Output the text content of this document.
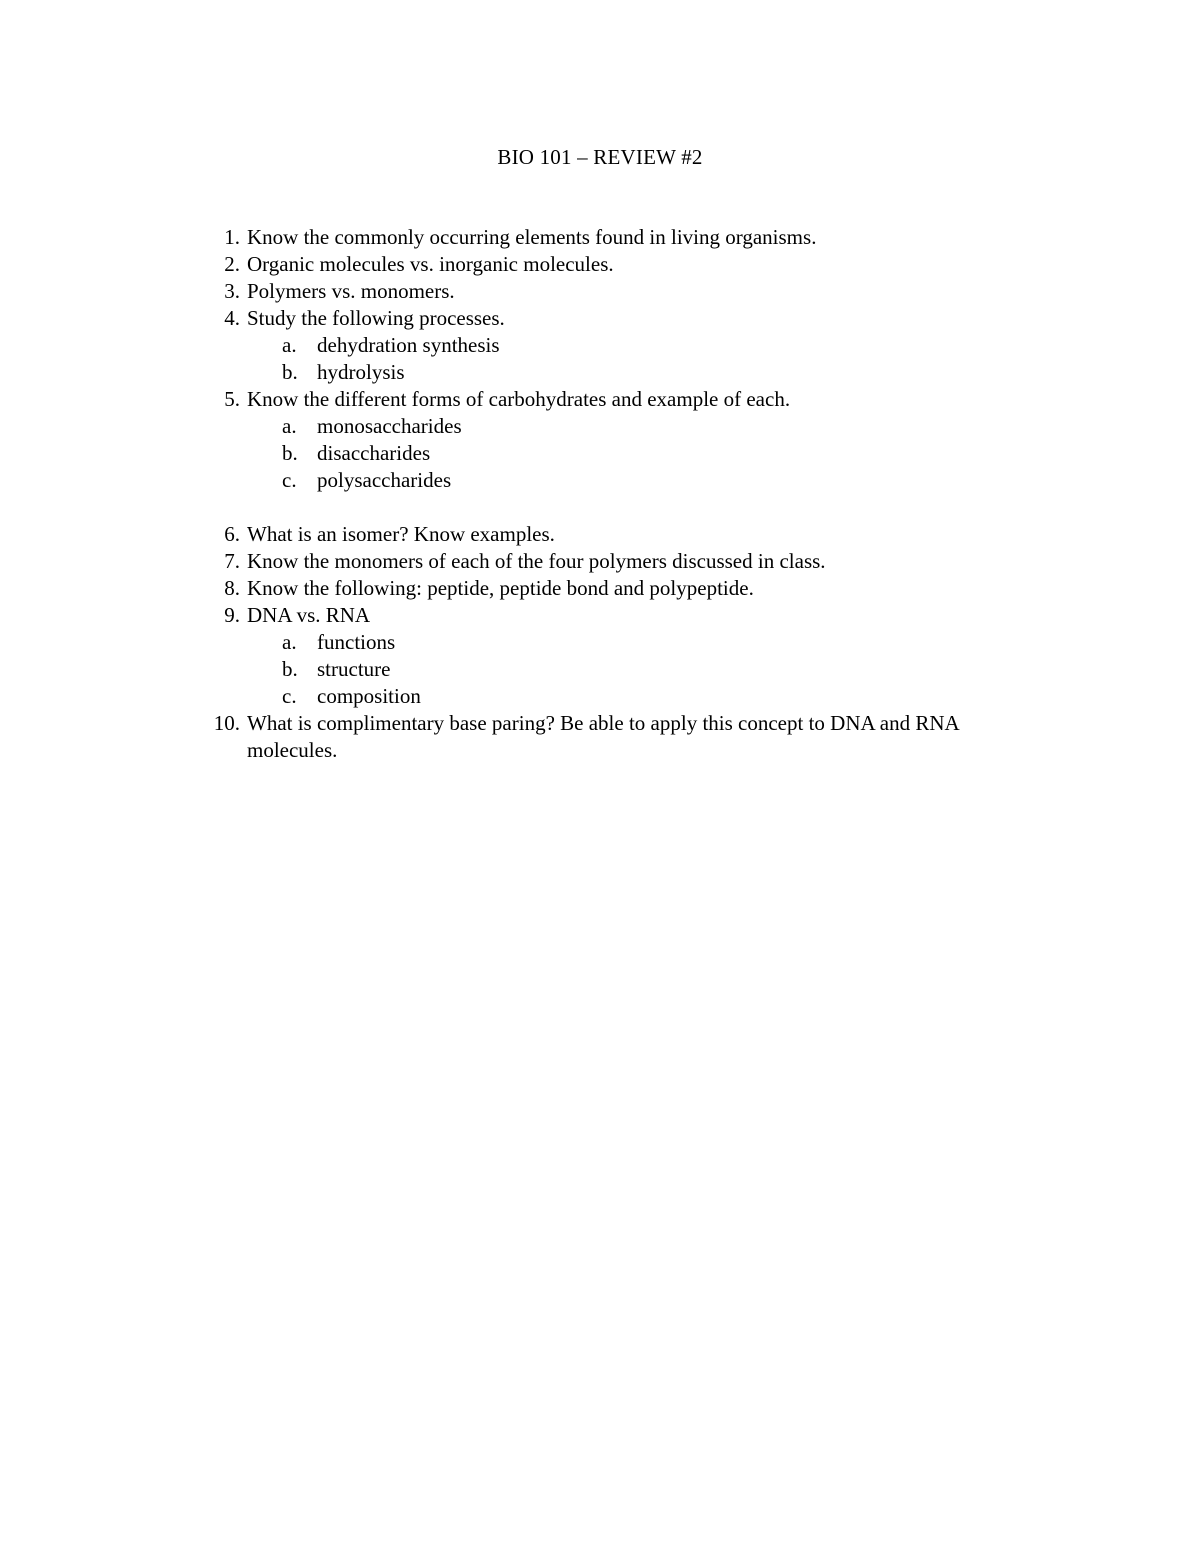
BIO 101 – REVIEW #2
1. Know the commonly occurring elements found in living organisms.
2. Organic molecules vs. inorganic molecules.
3. Polymers vs. monomers.
4. Study the following processes.
a. dehydration synthesis
b. hydrolysis
5. Know the different forms of carbohydrates and example of each.
a. monosaccharides
b. disaccharides
c. polysaccharides
6. What is an isomer? Know examples.
7. Know the monomers of each of the four polymers discussed in class.
8. Know the following: peptide, peptide bond and polypeptide.
9. DNA vs. RNA
a. functions
b. structure
c. composition
10. What is complimentary base paring? Be able to apply this concept to DNA and RNA molecules.
